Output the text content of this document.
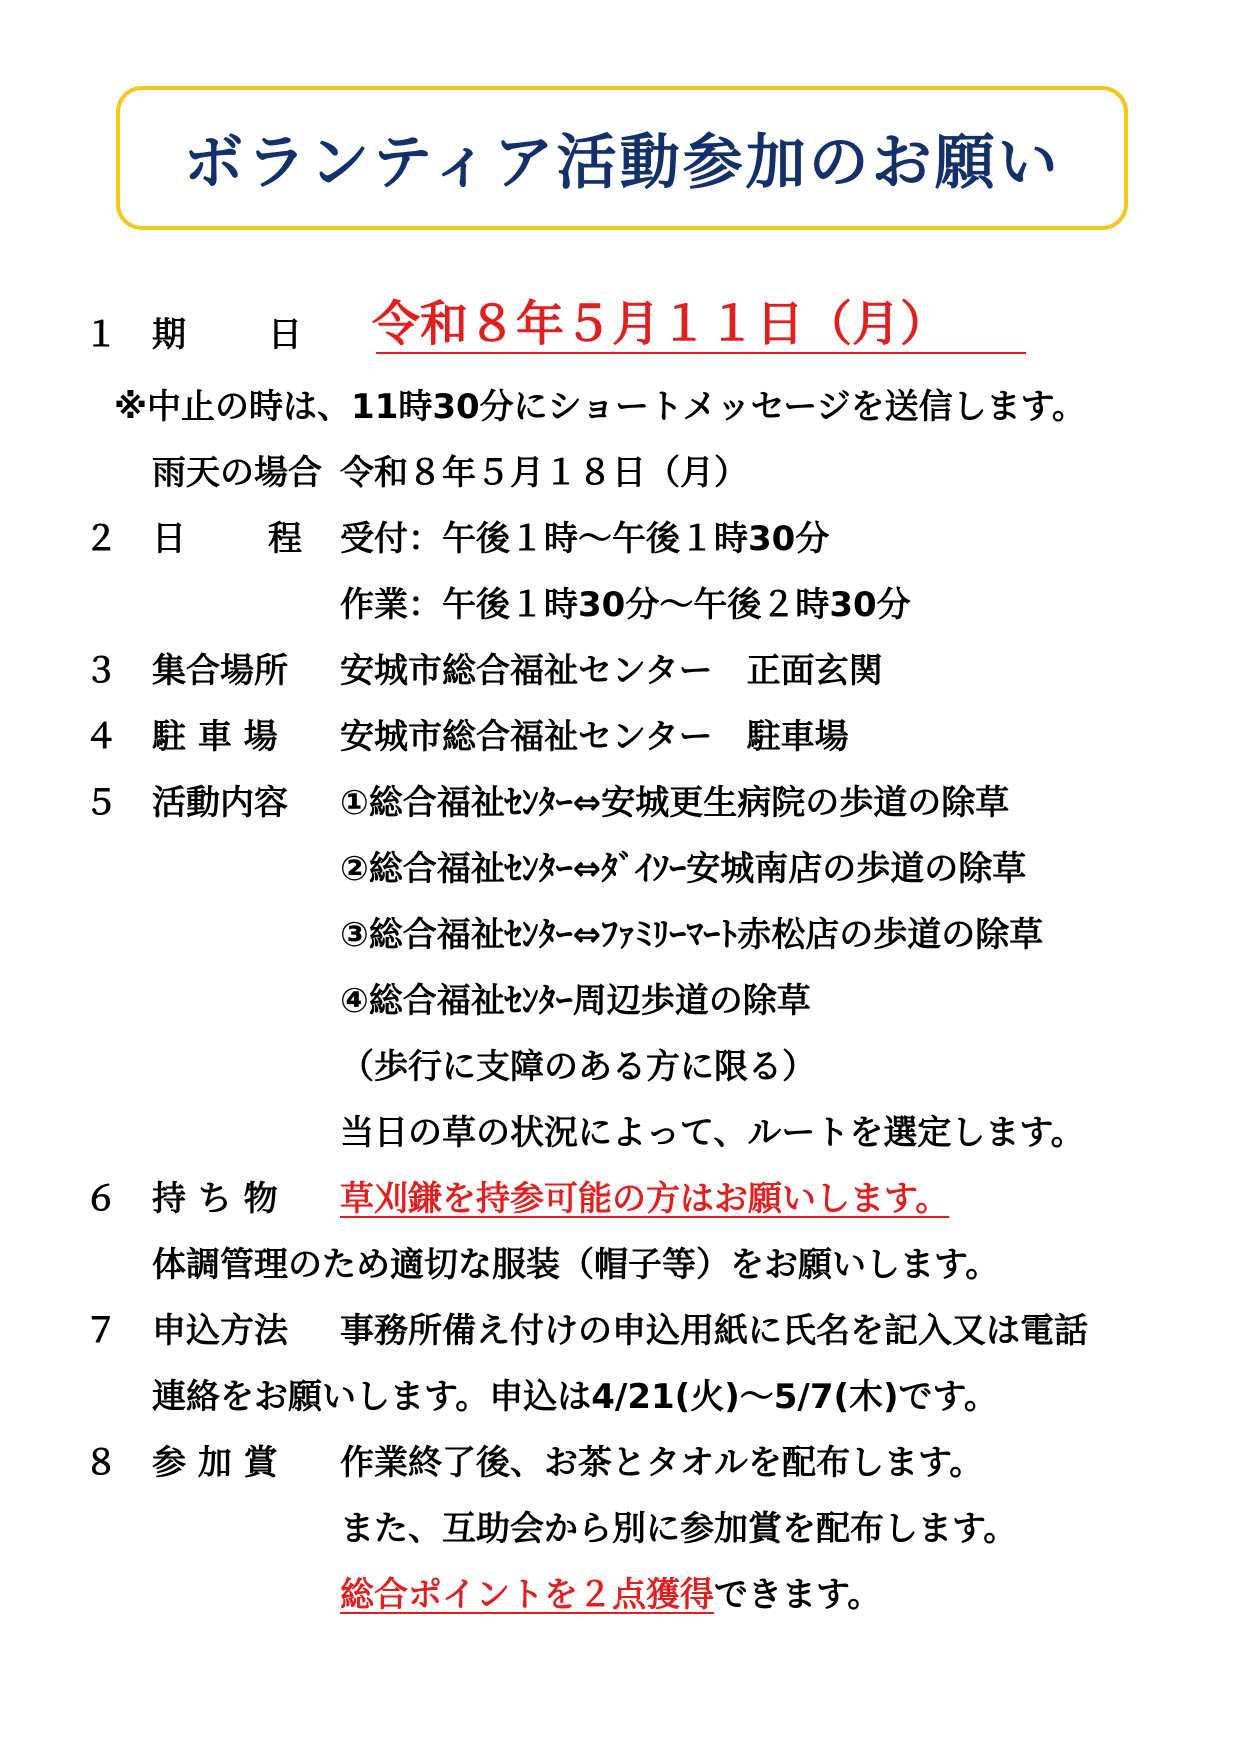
ボランティア活動参加のお願い
１ 期 日 令和８年５月１１日（月）
※中止の時は、11時30分にショートメッセージを送信します。
雨天の場合 令和８年５月１８日（月）
２ 日 程 受付：午後１時～午後１時30分
作業：午後１時30分～午後２時30分
３ 集合場所 安城市総合福祉センター　正面玄関
４ 駐 車 場 安城市総合福祉センター　駐車場
５ 活動内容 ①総合福祉ｾﾝﾀｰ⇔安城更生病院の歩道の除草
②総合福祉ｾﾝﾀｰ⇔ﾀﾞｲｿｰ安城南店の歩道の除草
③総合福祉ｾﾝﾀｰ⇔ﾌｧﾐﾘｰﾏｰﾄ赤松店の歩道の除草
④総合福祉ｾﾝﾀｰ周辺歩道の除草
（歩行に支障のある方に限る）
当日の草の状況によって、ルートを選定します。
６ 持 ち 物 草刈鎌を持参可能の方はお願いします。
体調管理のため適切な服装（帽子等）をお願いします。
７ 申込方法 事務所備え付けの申込用紙に氏名を記入又は電話
連絡をお願いします。申込は4/21(火)～5/7(木)です。
８ 参 加 賞 作業終了後、お茶とタオルを配布します。
また、互助会から別に参加賞を配布します。
総合ポイントを２点獲得できます。
